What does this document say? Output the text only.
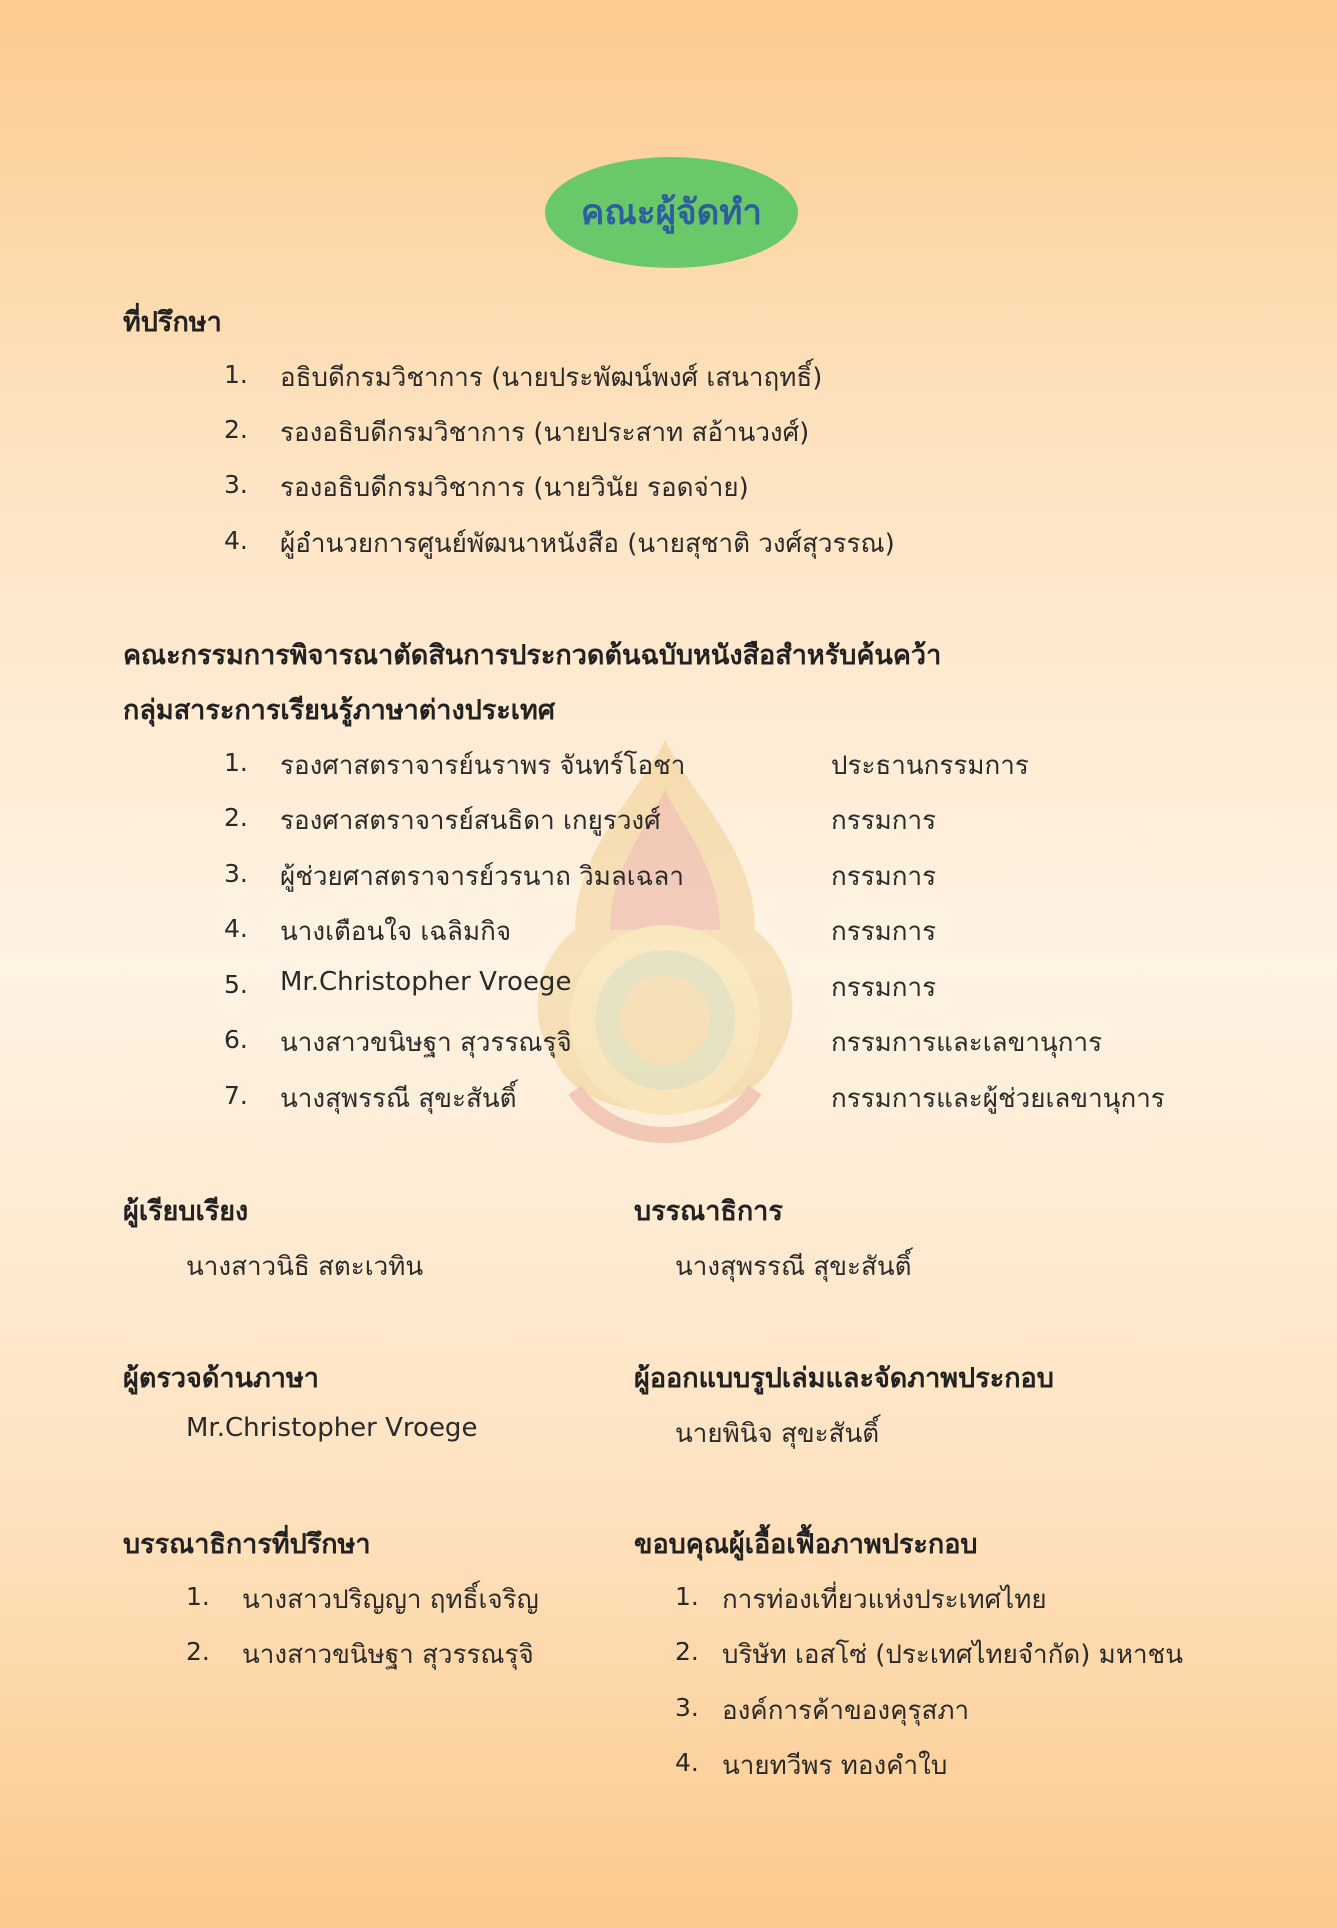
คณะผู้จัดทำ
ที่ปรึกษา
1. อธิบดีกรมวิชาการ (นายประพัฒน์พงศ์ เสนาฤทธิ์)
2. รองอธิบดีกรมวิชาการ (นายประสาท สอ้านวงศ์)
3. รองอธิบดีกรมวิชาการ (นายวินัย รอดจ่าย)
4. ผู้อำนวยการศูนย์พัฒนาหนังสือ (นายสุชาติ วงศ์สุวรรณ)
คณะกรรมการพิจารณาตัดสินการประกวดต้นฉบับหนังสือสำหรับค้นคว้า
กลุ่มสาระการเรียนรู้ภาษาต่างประเทศ
1. รองศาสตราจารย์นราพร จันทร์โอชา	ประธานกรรมการ
2. รองศาสตราจารย์สนธิดา เกยูรวงศ์	กรรมการ
3. ผู้ช่วยศาสตราจารย์วรนาถ วิมลเฉลา	กรรมการ
4. นางเตือนใจ เฉลิมกิจ	กรรมการ
5. Mr.Christopher Vroege	กรรมการ
6. นางสาวขนิษฐา สุวรรณรุจิ	กรรมการและเลขานุการ
7. นางสุพรรณี สุขะสันติ์	กรรมการและผู้ช่วยเลขานุการ
ผู้เรียบเรียง
นางสาวนิธิ สตะเวทิน
บรรณาธิการ
นางสุพรรณี สุขะสันติ์
ผู้ตรวจด้านภาษา
Mr.Christopher Vroege
ผู้ออกแบบรูปเล่มและจัดภาพประกอบ
นายพินิจ สุขะสันติ์
บรรณาธิการที่ปรึกษา
1. นางสาวปริญญา ฤทธิ์เจริญ
2. นางสาวขนิษฐา สุวรรณรุจิ
ขอบคุณผู้เอื้อเฟื้อภาพประกอบ
1. การท่องเที่ยวแห่งประเทศไทย
2. บริษัท เอสโซ่ (ประเทศไทยจำกัด) มหาชน
3. องค์การค้าของคุรุสภา
4. นายทวีพร ทองคำใบ
